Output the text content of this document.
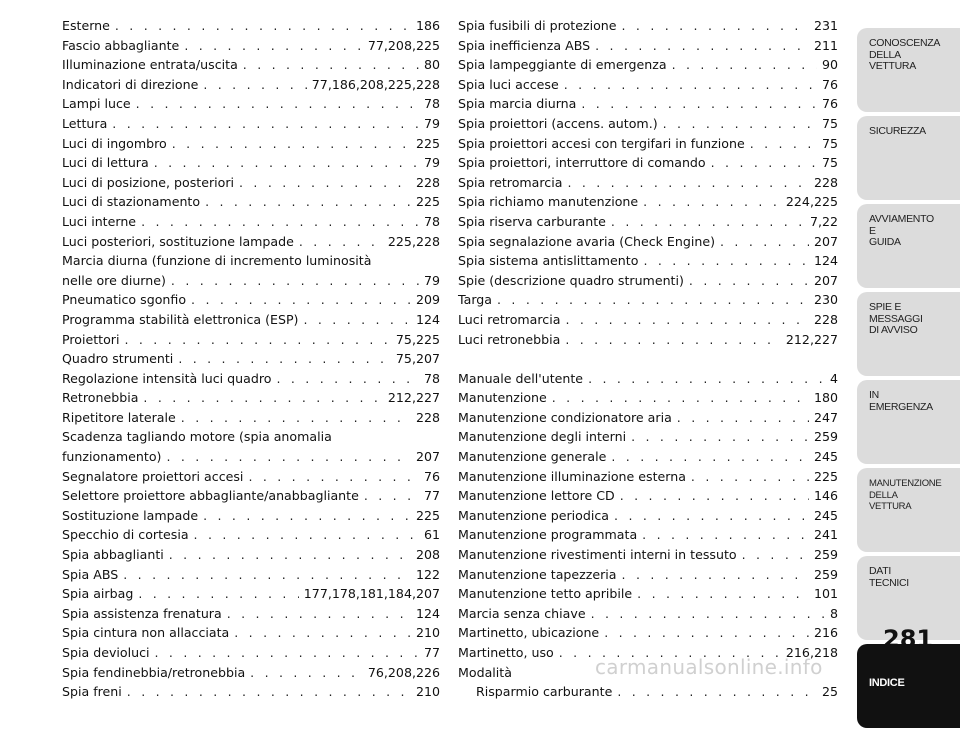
Esterne . . .	186
Fascio abbagliante . . .	77,208,225
Illuminazione entrata/uscita . . .	80
Indicatori di direzione . . .	77,186,208,225,228
Lampi luce . . .	78
Lettura . . .	79
Luci di ingombro . . .	225
Luci di lettura . . .	79
Luci di posizione, posteriori . . .	228
Luci di stazionamento . . .	225
Luci interne . . .	78
Luci posteriori, sostituzione lampade . . .	225,228
Marcia diurna (funzione di incremento luminosità
nelle ore diurne) . . .	79
Pneumatico sgonfio . . .	209
Programma stabilità elettronica (ESP) . . .	124
Proiettori . . .	75,225
Quadro strumenti . . .	75,207
Regolazione intensità luci quadro . . .	78
Retronebbia . . .	212,227
Ripetitore laterale . . .	228
Scadenza tagliando motore (spia anomalia
funzionamento) . . .	207
Segnalatore proiettori accesi . . .	76
Selettore proiettore abbagliante/anabbagliante . . .	77
Sostituzione lampade . . .	225
Specchio di cortesia . . .	61
Spia abbaglianti . . .	208
Spia ABS . . .	122
Spia airbag . . .	177,178,181,184,207
Spia assistenza frenatura . . .	124
Spia cintura non allacciata . . .	210
Spia devioluci . . .	77
Spia fendinebbia/retronebbia . . .	76,208,226
Spia freni . . .	210
Spia fusibili di protezione . . .	231
Spia inefficienza ABS . . .	211
Spia lampeggiante di emergenza . . .	90
Spia luci accese . . .	76
Spia marcia diurna . . .	76
Spia proiettori (accens. autom.) . . .	75
Spia proiettori accesi con tergifari in funzione . . .	75
Spia proiettori, interruttore di comando . . .	75
Spia retromarcia . . .	228
Spia richiamo manutenzione . . .	224,225
Spia riserva carburante . . .	7,22
Spia segnalazione avaria (Check Engine) . . .	207
Spia sistema antislittamento . . .	124
Spie (descrizione quadro strumenti) . . .	207
Targa . . .	230
Luci retromarcia . . .	228
Luci retronebbia . . .	212,227
Manuale dell'utente . . .	4
Manutenzione . . .	180
Manutenzione condizionatore aria . . .	247
Manutenzione degli interni . . .	259
Manutenzione generale . . .	245
Manutenzione illuminazione esterna . . .	225
Manutenzione lettore CD . . .	146
Manutenzione periodica . . .	245
Manutenzione programmata . . .	241
Manutenzione rivestimenti interni in tessuto . . .	259
Manutenzione tapezzeria . . .	259
Manutenzione tetto apribile . . .	101
Marcia senza chiave . . .	8
Martinetto, ubicazione . . .	216
Martinetto, uso . . .	216,218
Modalità
Risparmio carburante . . .	25
CONOSCENZA
DELLA
VETTURA
SICUREZZA
AVVIAMENTO
E
GUIDA
SPIE E
MESSAGGI
DI AVVISO
IN
EMERGENZA
MANUTENZIONE
DELLA
VETTURA
DATI
TECNICI
INDICE
281
carmanualsonline.info
